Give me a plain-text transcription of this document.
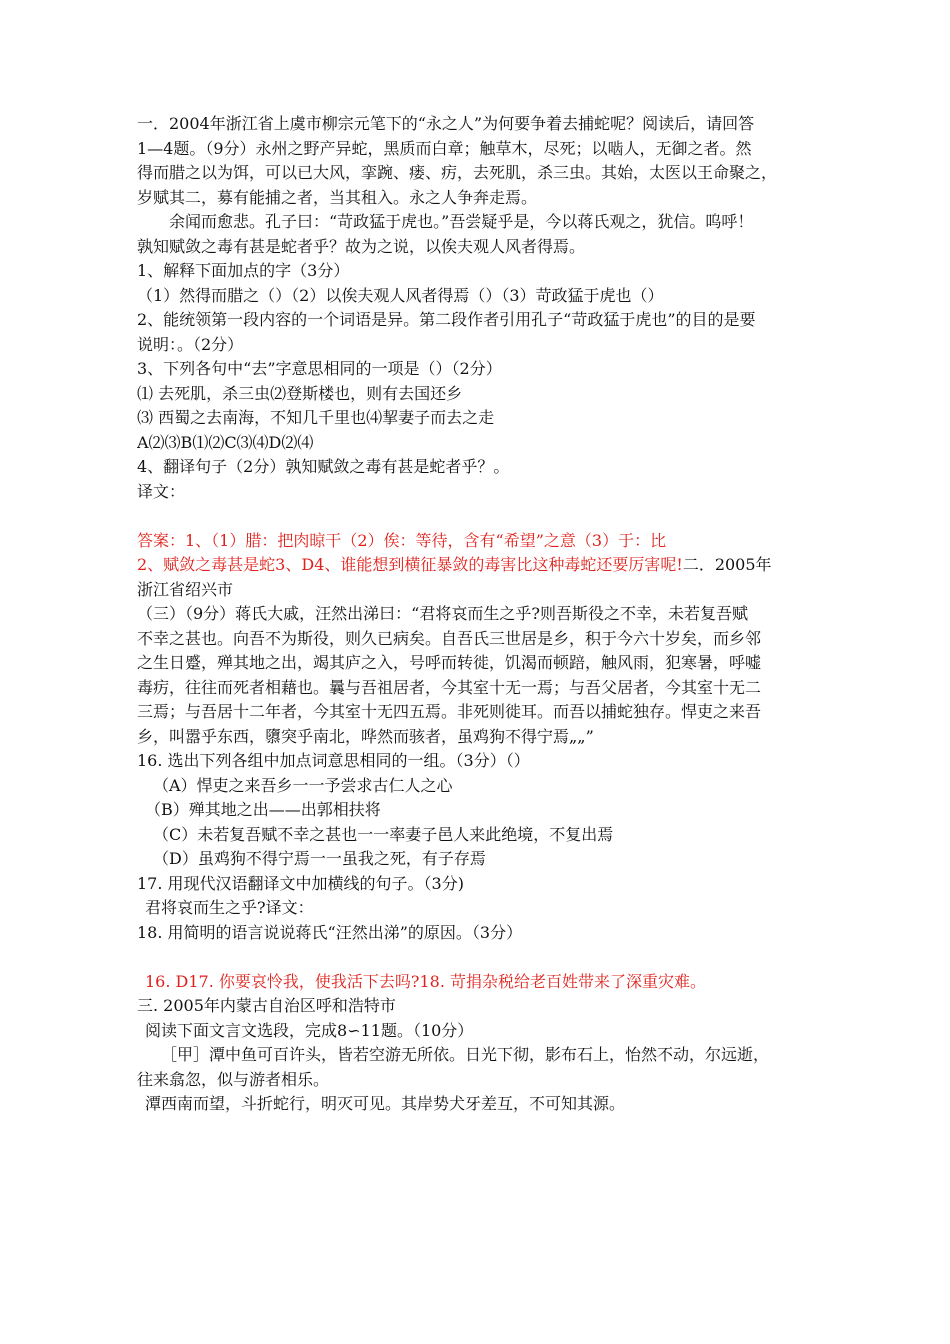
一．2004年浙江省上虞市柳宗元笔下的“永之人”为何要争着去捕蛇呢？阅读后，请回答
1—4题。（9分）永州之野产异蛇，黑质而白章；触草木，尽死；以啮人，无御之者。然
得而腊之以为饵，可以已大风，挛踠、瘘、疠，去死肌，杀三虫。其始，太医以王命聚之，
岁赋其二，募有能捕之者，当其租入。永之人争奔走焉。
余闻而愈悲。孔子曰：“苛政猛于虎也。”吾尝疑乎是，今以蒋氏观之，犹信。呜呼！
孰知赋敛之毒有甚是蛇者乎？故为之说，以俟夫观人风者得焉。
1、解释下面加点的字（3分）
（1）然得而腊之（）（2）以俟夫观人风者得焉（）（3）苛政猛于虎也（）
2、能统领第一段内容的一个词语是异。第二段作者引用孔子“苛政猛于虎也”的目的是要
说明：。（2分）
3、下列各句中“去”字意思相同的一项是（）（2分）
⑴ 去死肌，杀三虫⑵登斯楼也，则有去国还乡
⑶ 西蜀之去南海，不知几千里也⑷挈妻子而去之走
A⑵⑶B⑴⑵C⑶⑷D⑵⑷
4、翻译句子（2分）孰知赋敛之毒有甚是蛇者乎？。
译文：
答案：1、（1）腊：把肉晾干（2）俟：等待，含有“希望”之意（3）于：比
2、赋敛之毒甚是蛇3、D4、谁能想到横征暴敛的毒害比这种毒蛇还要厉害呢!二．2005年
浙江省绍兴市
（三）（9分）蒋氏大戚，汪然出涕曰：“君将哀而生之乎?则吾斯役之不幸，未若复吾赋
不幸之甚也。向吾不为斯役，则久已病矣。自吾氏三世居是乡，积于今六十岁矣，而乡邻
之生日蹙，殚其地之出，竭其庐之入，号呼而转徙，饥渴而顿踣，触风雨，犯寒暑，呼嘘
毒疠，往往而死者相藉也。曩与吾祖居者，今其室十无一焉；与吾父居者，今其室十无二
三焉；与吾居十二年者，今其室十无四五焉。非死则徙耳。而吾以捕蛇独存。悍吏之来吾
乡，叫嚣乎东西，隳突乎南北，哗然而骇者，虽鸡狗不得宁焉„„”
16. 选出下列各组中加点词意思相同的一组。（3分）（）
（A）悍吏之来吾乡一一予尝求古仁人之心
（B）殚其地之出——出郭相扶将
（C）未若复吾赋不幸之甚也一一率妻子邑人来此绝境，不复出焉
（D）虽鸡狗不得宁焉一一虽我之死，有子存焉
17. 用现代汉语翻译文中加横线的句子。（3分)
君将哀而生之乎?译文：
18. 用简明的语言说说蒋氏“汪然出涕”的原因。（3分）
16. D17. 你要哀怜我，使我活下去吗?18. 苛捐杂税给老百姓带来了深重灾难。
三. 2005年内蒙古自治区呼和浩特市
阅读下面文言文选段，完成8∽11题。（10分）
［甲］潭中鱼可百许头，皆若空游无所依。日光下彻，影布石上，怡然不动，尔远逝，
往来翕忽，似与游者相乐。
潭西南而望，斗折蛇行，明灭可见。其岸势犬牙差互，不可知其源。
